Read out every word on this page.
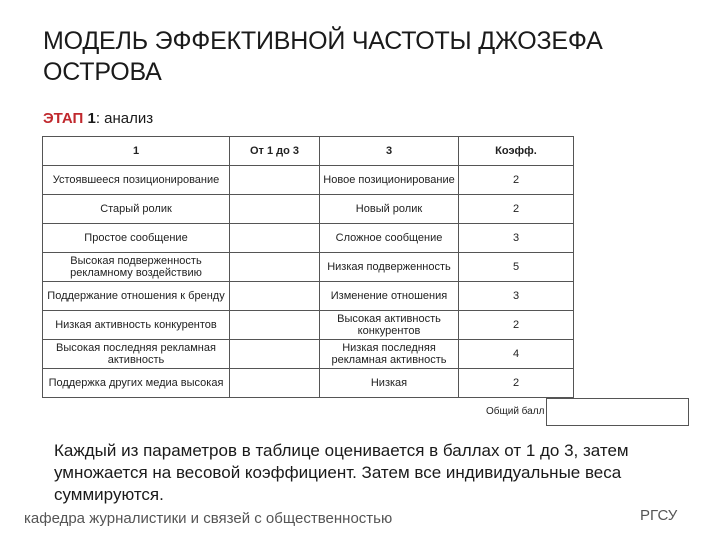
МОДЕЛЬ ЭФФЕКТИВНОЙ ЧАСТОТЫ ДЖОЗЕФА ОСТРОВА
ЭТАП 1: анализ
1	От 1 до 3	3	Коэфф.
Устоявшееся позиционирование		Новое позиционирование	2
Старый ролик		Новый ролик	2
Простое сообщение		Сложное сообщение	3
Высокая подверженность рекламному воздействию		Низкая подверженность	5
Поддержание отношения к бренду		Изменение отношения	3
Низкая активность конкурентов		Высокая активность конкурентов	2
Высокая последняя рекламная активность		Низкая последняя рекламная активность	4
Поддержка других медиа высокая		Низкая	2
Общий балл
Каждый из параметров в таблице оценивается в баллах от 1 до 3, затем умножается на весовой коэффициент. Затем все индивидуальные веса суммируются.
кафедра журналистики и связей с общественностью	РГСУ
